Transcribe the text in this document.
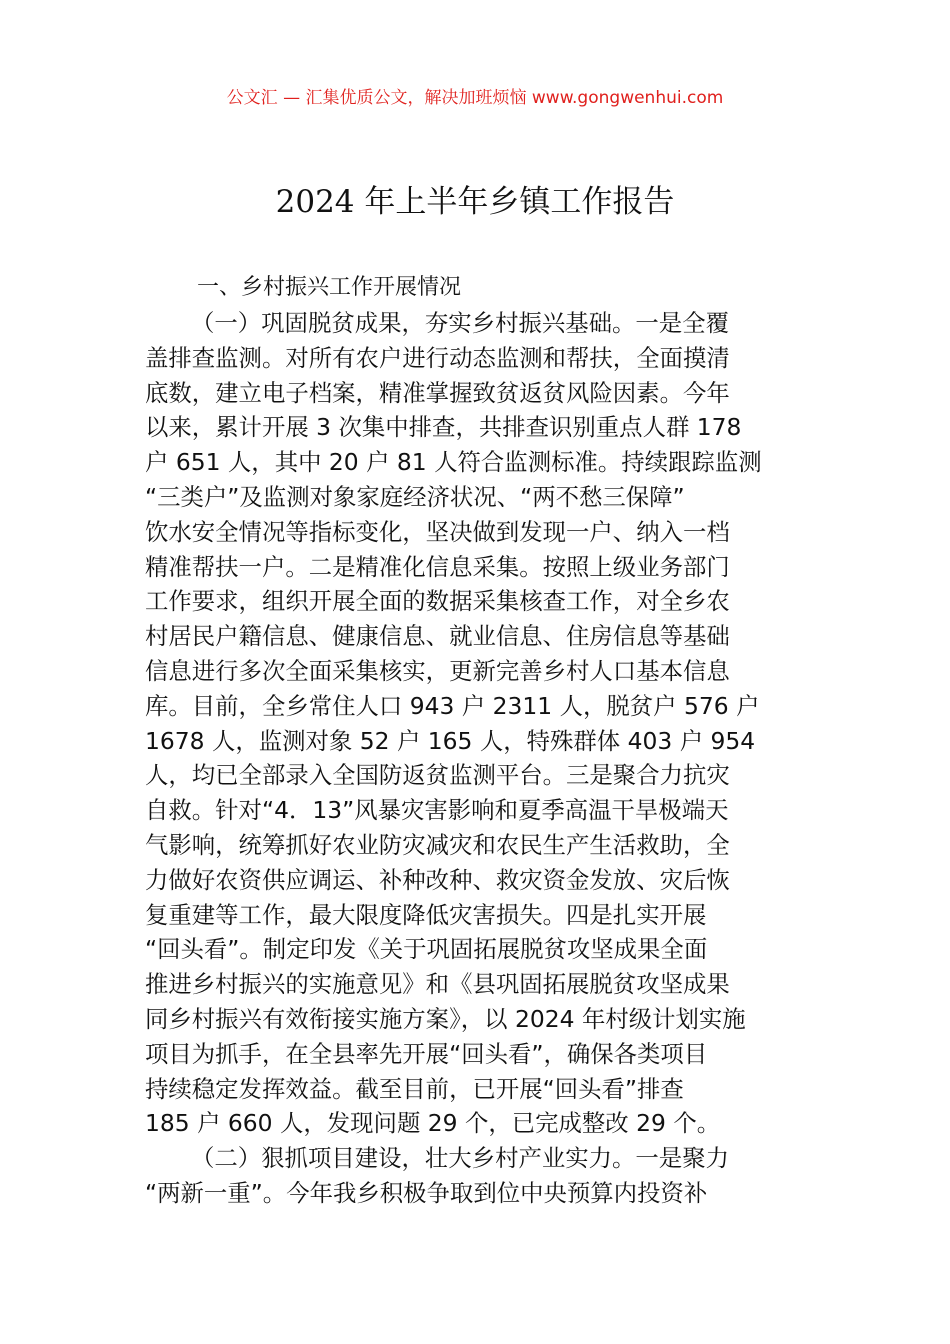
公文汇 — 汇集优质公文，解决加班烦恼 www.gongwenhui.com
2024 年上半年乡镇工作报告
一、乡村振兴工作开展情况
（一）巩固脱贫成果，夯实乡村振兴基础。一是全覆
盖排查监测。对所有农户进行动态监测和帮扶，全面摸清
底数，建立电子档案，精准掌握致贫返贫风险因素。今年
以来，累计开展 3 次集中排查，共排查识别重点人群 178
户 651 人，其中 20 户 81 人符合监测标准。持续跟踪监测
“三类户”及监测对象家庭经济状况、“两不愁三保障”
饮水安全情况等指标变化，坚决做到发现一户、纳入一档
精准帮扶一户。二是精准化信息采集。按照上级业务部门
工作要求，组织开展全面的数据采集核查工作，对全乡农
村居民户籍信息、健康信息、就业信息、住房信息等基础
信息进行多次全面采集核实，更新完善乡村人口基本信息
库。目前，全乡常住人口 943 户 2311 人，脱贫户 576 户
1678 人，监测对象 52 户 165 人，特殊群体 403 户 954
人，均已全部录入全国防返贫监测平台。三是聚合力抗灾
自救。针对“4．13”风暴灾害影响和夏季高温干旱极端天
气影响，统筹抓好农业防灾减灾和农民生产生活救助，全
力做好农资供应调运、补种改种、救灾资金发放、灾后恢
复重建等工作，最大限度降低灾害损失。四是扎实开展
“回头看”。制定印发《关于巩固拓展脱贫攻坚成果全面
推进乡村振兴的实施意见》和《县巩固拓展脱贫攻坚成果
同乡村振兴有效衔接实施方案》，以 2024 年村级计划实施
项目为抓手，在全县率先开展“回头看”，确保各类项目
持续稳定发挥效益。截至目前，已开展“回头看”排查
185 户 660 人，发现问题 29 个，已完成整改 29 个。
（二）狠抓项目建设，壮大乡村产业实力。一是聚力
“两新一重”。今年我乡积极争取到位中央预算内投资补
